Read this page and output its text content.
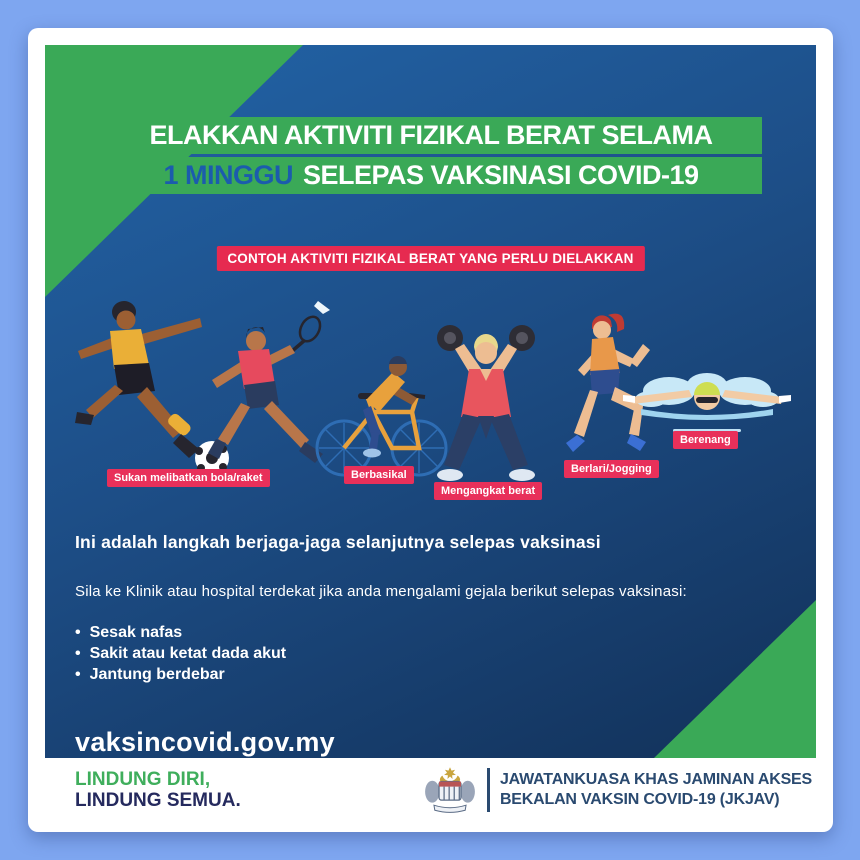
ELAKKAN AKTIVITI FIZIKAL BERAT SELAMA
1 MINGGU SELEPAS VAKSINASI COVID-19
CONTOH AKTIVITI FIZIKAL BERAT YANG PERLU DIELAKKAN
Sukan melibatkan bola/raket	Berbasikal
Mengangkat berat
Berlari/Jogging
Berenang

Ini adalah langkah berjaga-jaga selanjutnya selepas vaksinasi

Sila ke Klinik atau hospital terdekat jika anda mengalami gejala berikut selepas vaksinasi:

• Sesak nafas
• Sakit atau ketat dada akut
• Jantung berdebar

vaksincovid.gov.my

LINDUNG DIRI,
LINDUNG SEMUA.
JAWATANKUASA KHAS JAMINAN AKSES
BEKALAN VAKSIN COVID-19 (JKJAV)
